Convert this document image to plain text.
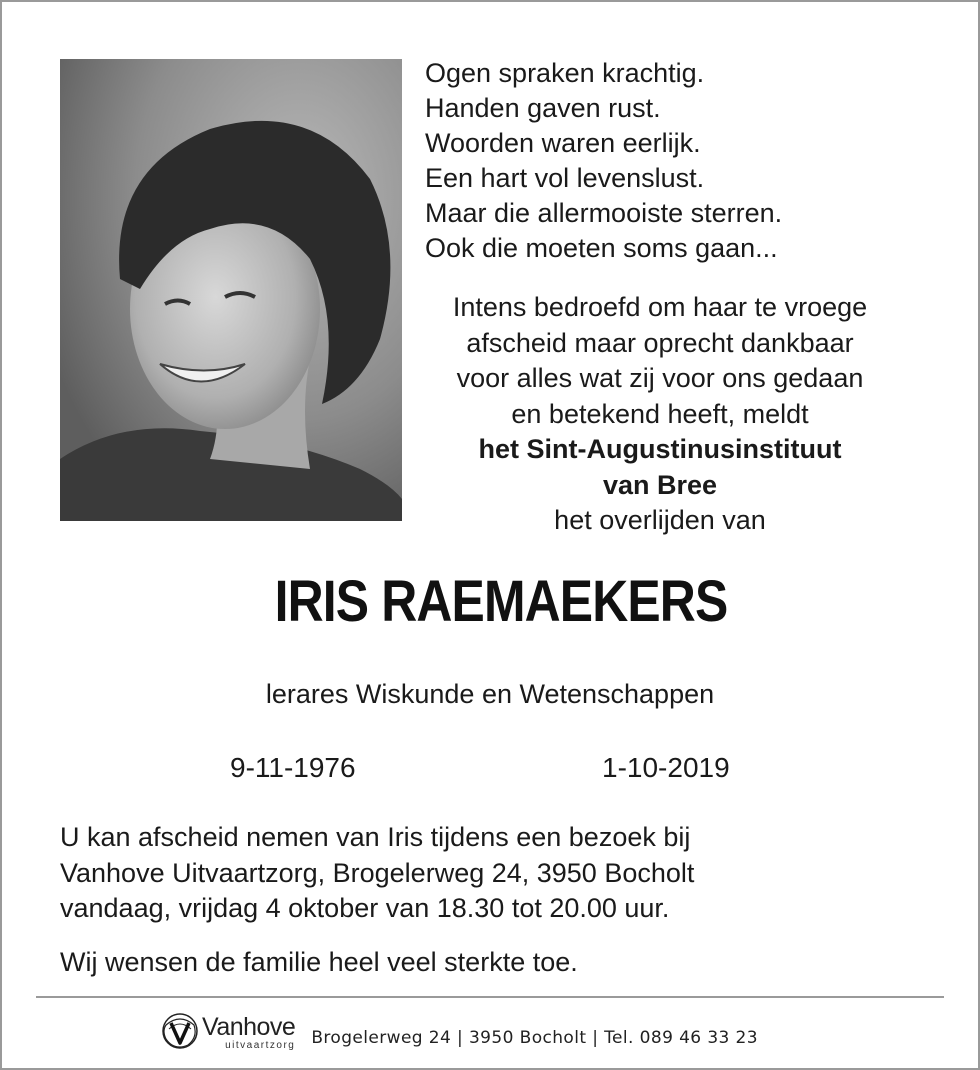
Ogen spraken krachtig.
Handen gaven rust.
Woorden waren eerlijk.
Een hart vol levenslust.
Maar die allermooiste sterren.
Ook die moeten soms gaan...
Intens bedroefd om haar te vroege
afscheid maar oprecht dankbaar
voor alles wat zij voor ons gedaan
en betekend heeft, meldt
het Sint-Augustinusinstituut
van Bree
het overlijden van
IRIS RAEMAEKERS
lerares Wiskunde en Wetenschappen
9-11-1976	1-10-2019
U kan afscheid nemen van Iris tijdens een bezoek bij
Vanhove Uitvaartzorg, Brogelerweg 24, 3950 Bocholt
vandaag, vrijdag 4 oktober van 18.30 tot 20.00 uur.
Wij wensen de familie heel veel sterkte toe.
Vanhove
uitvaartzorg Brogelerweg 24 | 3950 Bocholt | Tel. 089 46 33 23
